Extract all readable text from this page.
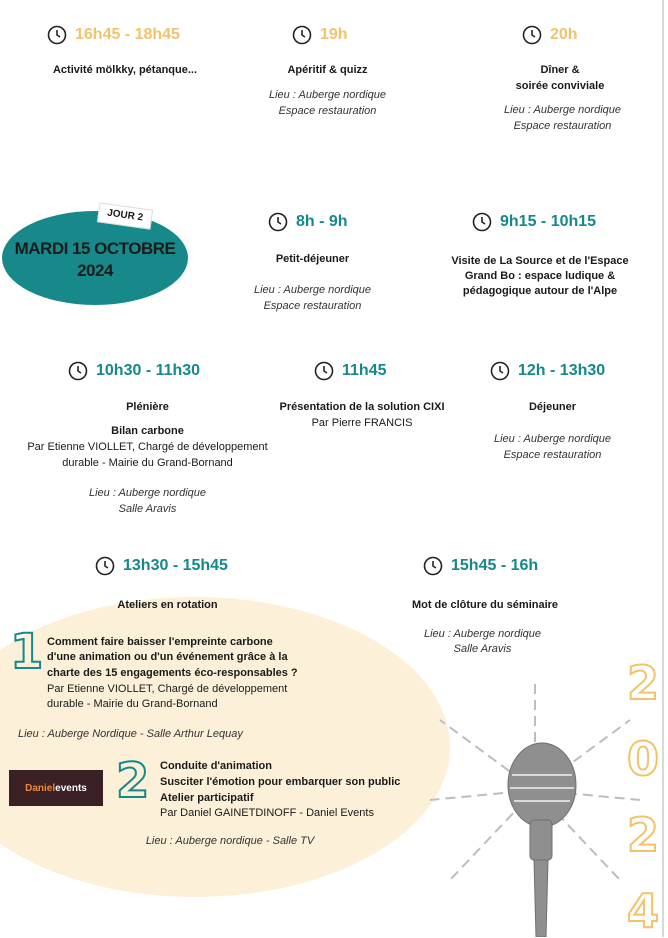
16h45 - 18h45
Activité mölkky, pétanque...
19h
Apéritif & quizz
Lieu : Auberge nordique
Espace restauration
20h
Dîner &
soirée conviviale
Lieu : Auberge nordique
Espace restauration
MARDI 15 OCTOBRE
2024
JOUR 2	8h - 9h
Petit-déjeuner
Lieu : Auberge nordique
Espace restauration
9h15 - 10h15
Visite de La Source et de l'Espace
Grand Bo : espace ludique &
pédagogique autour de l'Alpe
10h30 - 11h30
Plénière
Bilan carbone
Par Etienne VIOLLET, Chargé de développement
durable - Mairie du Grand-Bornand
Lieu : Auberge nordique
Salle Aravis
11h45
Présentation de la solution CIXI
Par Pierre FRANCIS
12h - 13h30
Déjeuner
Lieu : Auberge nordique
Espace restauration
13h30 - 15h45
Ateliers en rotation
15h45 - 16h
Mot de clôture du séminaire
Lieu : Auberge nordique
Salle Aravis
1 Comment faire baisser l'empreinte carbone
d'une animation ou d'un événement grâce à la
charte des 15 engagements éco-responsables ?
Par Etienne VIOLLET, Chargé de développement
durable - Mairie du Grand-Bornand
Lieu : Auberge Nordique - Salle Arthur Lequay
Daniel events 2 Conduite d'animation
Susciter l'émotion pour embarquer son public
Atelier participatif
Par Daniel GAINETDINOFF - Daniel Events
Lieu : Auberge nordique - Salle TV
2
0
2
4
